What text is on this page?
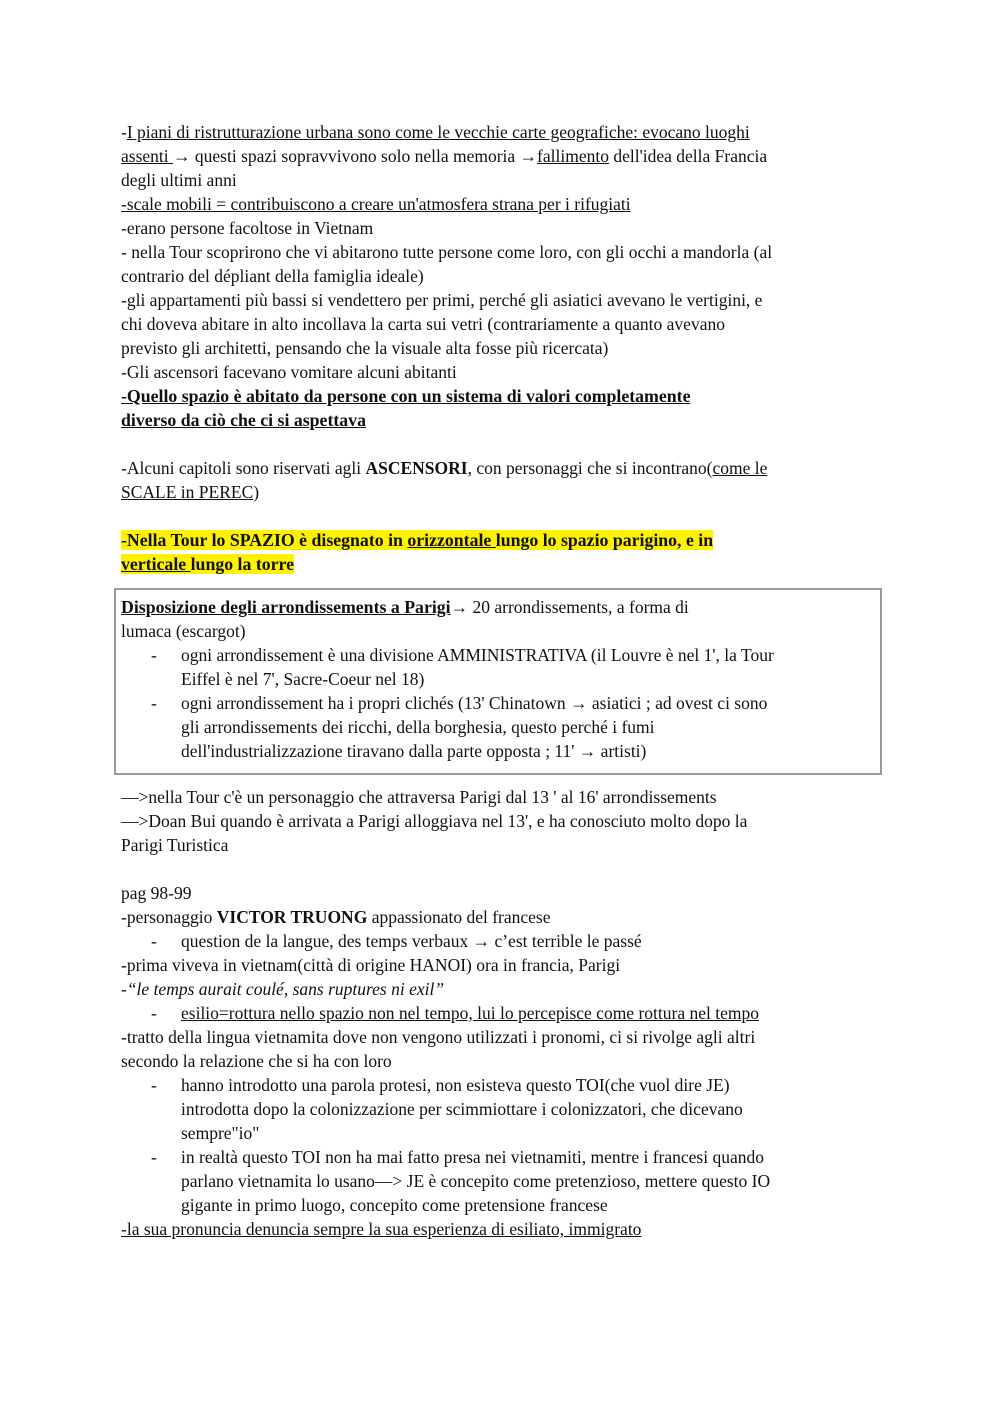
-I piani di ristrutturazione urbana sono come le vecchie carte geografiche: evocano luoghi
assenti → questi spazi sopravvivono solo nella memoria →fallimento dell'idea della Francia
degli ultimi anni
-scale mobili = contribuiscono a creare un'atmosfera strana per i rifugiati
-erano persone facoltose in Vietnam
- nella Tour scoprirono che vi abitarono tutte persone come loro, con gli occhi a mandorla (al
contrario del dépliant della famiglia ideale)
-gli appartamenti più bassi si vendettero per primi, perché gli asiatici avevano le vertigini, e
chi doveva abitare in alto incollava la carta sui vetri (contrariamente a quanto avevano
previsto gli architetti, pensando che la visuale alta fosse più ricercata)
-Gli ascensori facevano vomitare alcuni abitanti
-Quello spazio è abitato da persone con un sistema di valori completamente
diverso da ciò che ci si aspettava
-Alcuni capitoli sono riservati agli ASCENSORI, con personaggi che si incontrano(come le
SCALE in PEREC)
-Nella Tour lo SPAZIO è disegnato in orizzontale lungo lo spazio parigino, e in
verticale lungo la torre
Disposizione degli arrondissements a Parigi→ 20 arrondissements, a forma di
lumaca (escargot)
- ogni arrondissement è una divisione AMMINISTRATIVA (il Louvre è nel 1', la Tour
Eiffel è nel 7', Sacre-Coeur nel 18)
- ogni arrondissement ha i propri clichés (13' Chinatown → asiatici ; ad ovest ci sono
gli arrondissements dei ricchi, della borghesia, questo perché i fumi
dell'industrializzazione tiravano dalla parte opposta ; 11' → artisti)
—>nella Tour c'è un personaggio che attraversa Parigi dal 13 ' al 16' arrondissements
—>Doan Bui quando è arrivata a Parigi alloggiava nel 13', e ha conosciuto molto dopo la
Parigi Turistica
pag 98-99
-personaggio VICTOR TRUONG appassionato del francese
- question de la langue, des temps verbaux → c’est terrible le passé
-prima viveva in vietnam(città di origine HANOI) ora in francia, Parigi
-“le temps aurait coulé, sans ruptures ni exil”
- esilio=rottura nello spazio non nel tempo, lui lo percepisce come rottura nel tempo
-tratto della lingua vietnamita dove non vengono utilizzati i pronomi, ci si rivolge agli altri
secondo la relazione che si ha con loro
- hanno introdotto una parola protesi, non esisteva questo TOI(che vuol dire JE)
introdotta dopo la colonizzazione per scimmiottare i colonizzatori, che dicevano
sempre"io"
- in realtà questo TOI non ha mai fatto presa nei vietnamiti, mentre i francesi quando
parlano vietnamita lo usano—> JE è concepito come pretenzioso, mettere questo IO
gigante in primo luogo, concepito come pretensione francese
-la sua pronuncia denuncia sempre la sua esperienza di esiliato, immigrato
